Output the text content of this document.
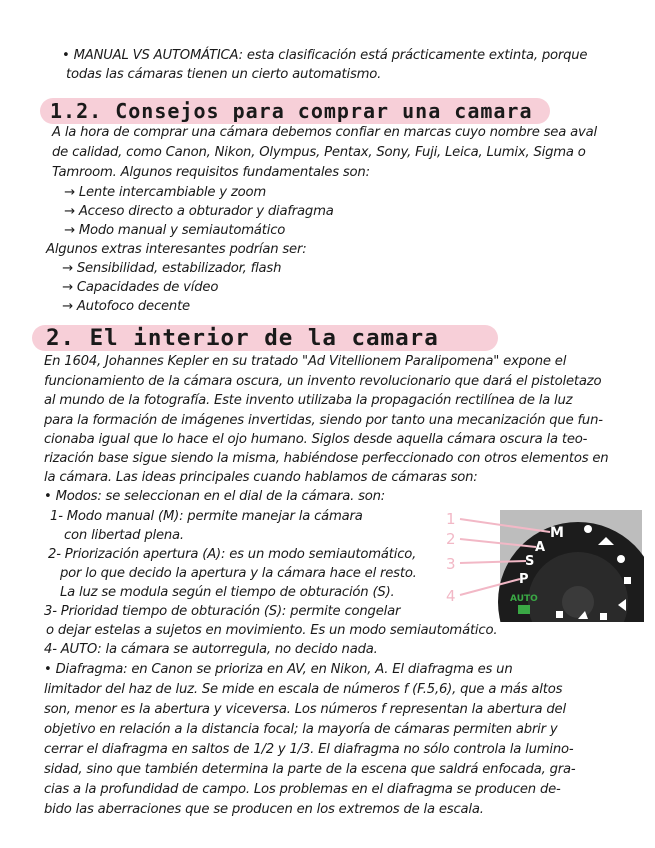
• MANUAL VS AUTOMÁTICA: esta clasificación está prácticamente extinta, porque
todas las cámaras tienen un cierto automatismo.
1.2. Consejos para comprar una camara
A la hora de comprar una cámara debemos confiar en marcas cuyo nombre sea aval
de calidad, como Canon, Nikon, Olympus, Pentax, Sony, Fuji, Leica, Lumix, Sigma o
Tamroom. Algunos requisitos fundamentales son:
→ Lente intercambiable y zoom
→ Acceso directo a obturador y diafragma
→ Modo manual y semiautomático
Algunos extras interesantes podrían ser:
→ Sensibilidad, estabilizador, flash
→ Capacidades de vídeo
→ Autofoco decente
2. El interior de la camara
En 1604, Johannes Kepler en su tratado "Ad Vitellionem Paralipomena" expone el
funcionamiento de la cámara oscura, un invento revolucionario que dará el pistoletazo
al mundo de la fotografía. Este invento utilizaba la propagación rectilínea de la luz
para la formación de imágenes invertidas, siendo por tanto una mecanización que fun-
cionaba igual que lo hace el ojo humano. Siglos desde aquella cámara oscura la teo-
rización base sigue siendo la misma, habiéndose perfeccionado con otros elementos en
la cámara. Las ideas principales cuando hablamos de cámaras son:
• Modos: se seleccionan en el dial de la cámara. son:
1- Modo manual (M): permite manejar la cámara
con libertad plena.
2- Priorización apertura (A): es un modo semiautomático,
por lo que decido la apertura y la cámara hace el resto.
La luz se modula según el tiempo de obturación (S).
3- Prioridad tiempo de obturación (S): permite congelar
o dejar estelas a sujetos en movimiento. Es un modo semiautomático.
4- AUTO: la cámara se autorregula, no decido nada.
• Diafragma: en Canon se prioriza en AV, en Nikon, A. El diafragma es un
limitador del haz de luz. Se mide en escala de números f (F.5,6), que a más altos
son, menor es la abertura y viceversa. Los números f representan la abertura del
objetivo en relación a la distancia focal; la mayoría de cámaras permiten abrir y
cerrar el diafragma en saltos de 1/2 y 1/3. El diafragma no sólo controla la lumino-
sidad, sino que también determina la parte de la escena que saldrá enfocada, gra-
cias a la profundidad de campo. Los problemas en el diafragma se producen de-
bido las aberraciones que se producen en los extremos de la escala.
M
A
S
P
AUTO
1
2
3
4
